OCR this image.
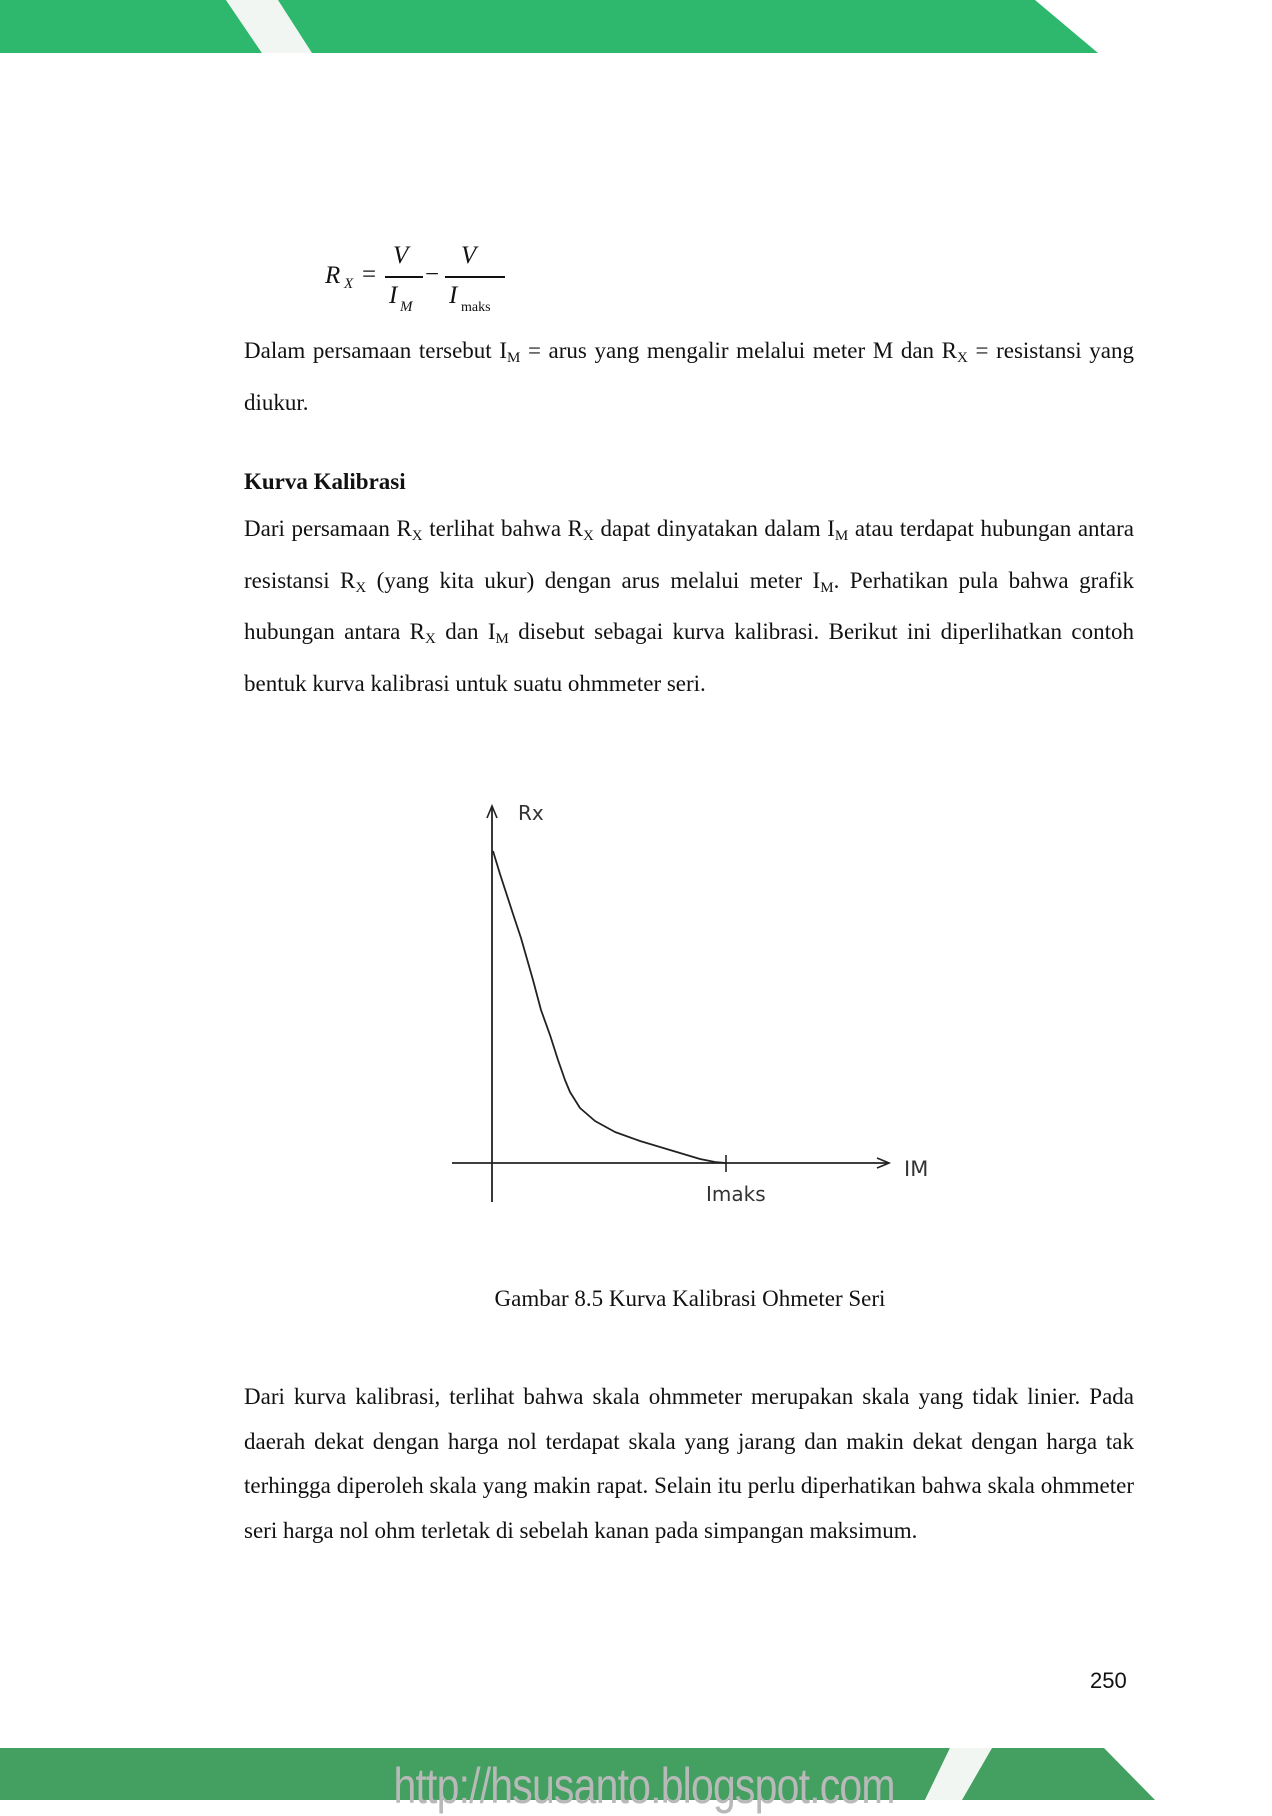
R X =
V
I M
−
V
I maks

Dalam persamaan tersebut $I_M$ = arus yang mengalir melalui meter M dan $R_X$ = resistansi yang diukur.

Kurva Kalibrasi

Dari persamaan $R_X$ terlihat bahwa $R_X$ dapat dinyatakan dalam $I_M$ atau terdapat hubungan antara resistansi $R_X$ (yang kita ukur) dengan arus melalui meter $I_M$. Perhatikan pula bahwa grafik hubungan antara $R_X$ dan $I_M$ disebut sebagai kurva kalibrasi. Berikut ini diperlihatkan contoh bentuk kurva kalibrasi untuk suatu ohmmeter seri.

Rx
IM
Imaks
Gambar 8.5 Kurva Kalibrasi Ohmeter Seri

Dari kurva kalibrasi, terlihat bahwa skala ohmmeter merupakan skala yang tidak linier. Pada daerah dekat dengan harga nol terdapat skala yang jarang dan makin dekat dengan harga tak terhingga diperoleh skala yang makin rapat. Selain itu perlu diperhatikan bahwa skala ohmmeter seri harga nol ohm terletak di sebelah kanan pada simpangan maksimum.

250
http://hsusanto.blogspot.com
